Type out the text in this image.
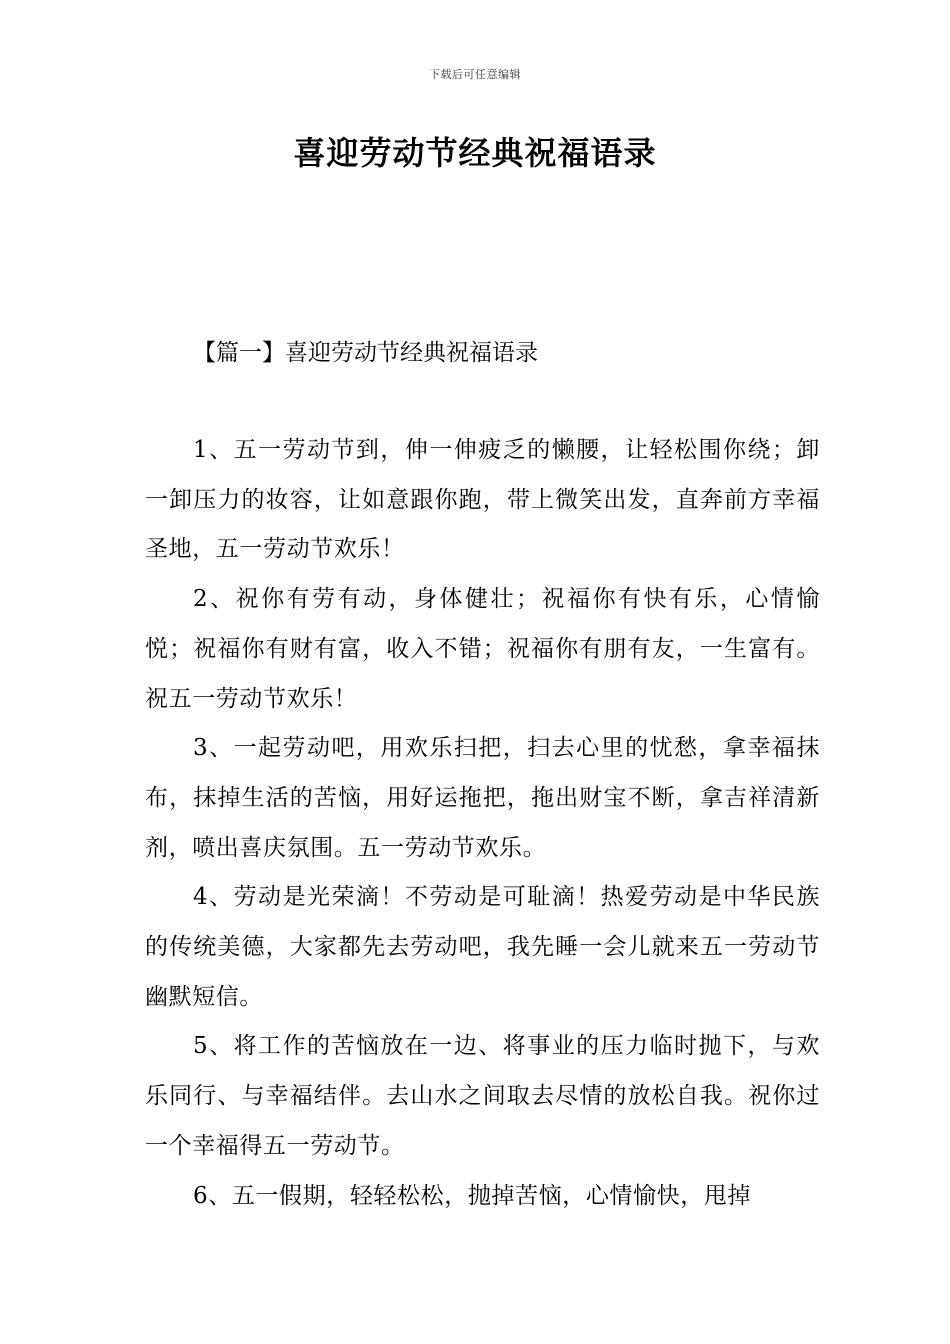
下载后可任意编辑
喜迎劳动节经典祝福语录
【篇一】喜迎劳动节经典祝福语录
1、五一劳动节到，伸一伸疲乏的懒腰，让轻松围你绕；卸一卸压力的妆容，让如意跟你跑，带上微笑出发，直奔前方幸福圣地，五一劳动节欢乐！
2、祝你有劳有动，身体健壮；祝福你有快有乐，心情愉悦；祝福你有财有富，收入不错；祝福你有朋有友，一生富有。祝五一劳动节欢乐！
3、一起劳动吧，用欢乐扫把，扫去心里的忧愁，拿幸福抹布，抹掉生活的苦恼，用好运拖把，拖出财宝不断，拿吉祥清新剂，喷出喜庆氛围。五一劳动节欢乐。
4、劳动是光荣滴！不劳动是可耻滴！热爱劳动是中华民族的传统美德，大家都先去劳动吧，我先睡一会儿就来五一劳动节幽默短信。
5、将工作的苦恼放在一边、将事业的压力临时抛下，与欢乐同行、与幸福结伴。去山水之间取去尽情的放松自我。祝你过一个幸福得五一劳动节。
6、五一假期，轻轻松松，抛掉苦恼，心情愉快，甩掉
